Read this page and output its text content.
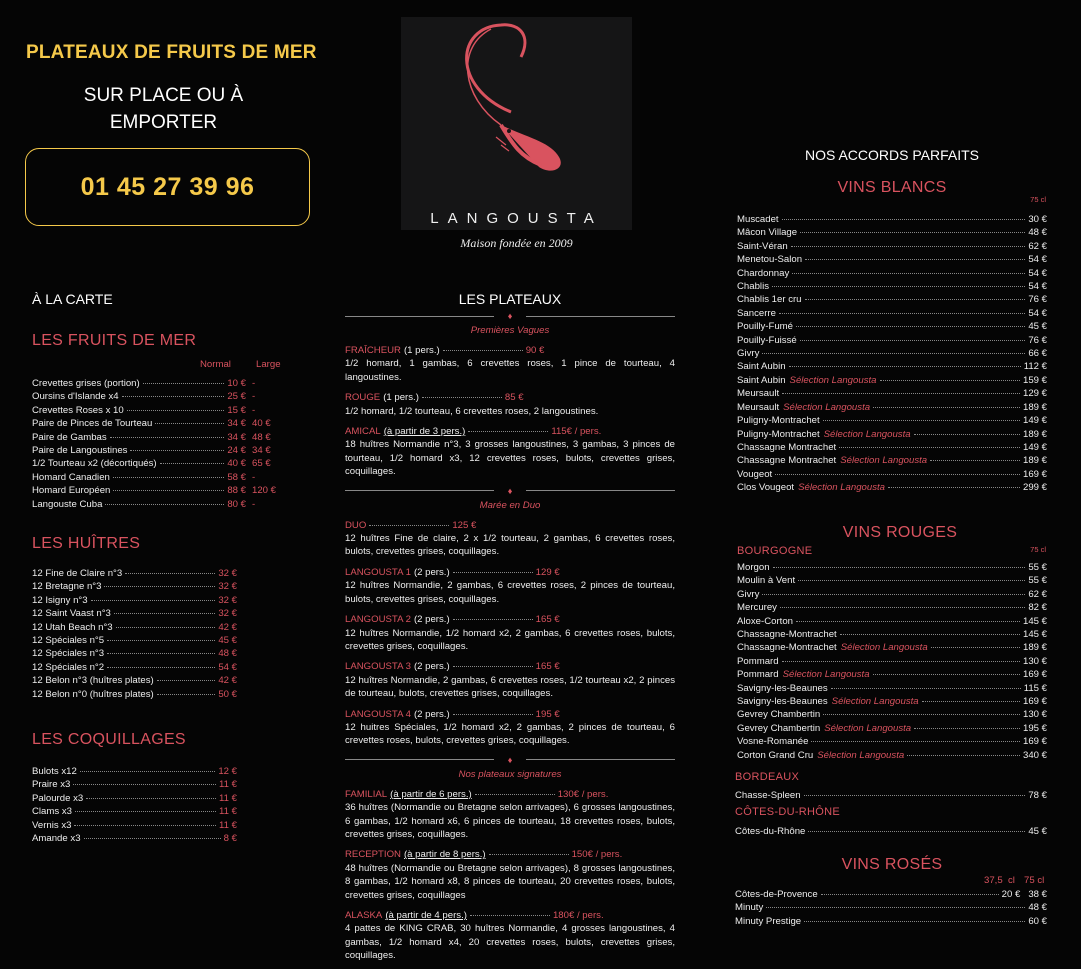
PLATEAUX DE FRUITS DE MER
SUR PLACE OU À
EMPORTER
01 45 27 39 96
LANGOUSTA
Maison fondée en 2009
À LA CARTE
LES FRUITS DE MER
Normal	Large
Crevettes grises (portion)	10 € -
Oursins d'Islande x4	25 € -
Crevettes Roses x 10	15 € -
Paire de Pinces de Tourteau	34 € 40 €
Paire de Gambas	34 € 48 €
Paire de Langoustines	24 € 34 €
1/2 Tourteau x2 (décortiqués)	40 € 65 €
Homard Canadien	58 € -
Homard Européen	88 € 120 €
Langouste Cuba	80 € -
LES HUÎTRES
12 Fine de Claire n°3	32 €
12 Bretagne n°3	32 €
12 Isigny n°3	32 €
12 Saint Vaast n°3	32 €
12 Utah Beach n°3	42 €
12 Spéciales n°5	45 €
12 Spéciales n°3	48 €
12 Spéciales n°2	54 €
12 Belon n°3 (huîtres plates)	42 €
12 Belon n°0 (huîtres plates)	50 €
LES COQUILLAGES
Bulots x12	12 €
Praire x3	11 €
Palourde x3	11 €
Clams x3	11 €
Vernis x3	11 €
Amande x3	8 €
LES PLATEAUX
♦
Premières Vagues
FRAÎCHEUR (1 pers.)	90 €
1/2 homard, 1 gambas, 6 crevettes roses, 1 pince de tourteau, 4 langoustines.
ROUGE (1 pers.)	85 €
1/2 homard, 1/2 tourteau, 6 crevettes roses, 2 langoustines.
AMICAL (à partir de 3 pers.)	115€ / pers.
18 huîtres Normandie n°3, 3 grosses langoustines, 3 gambas, 3 pinces de tourteau, 1/2 homard x3, 12 crevettes roses, bulots, crevettes grises, coquillages.
♦
Marée en Duo
DUO	125 €
12 huîtres Fine de claire, 2 x 1/2 tourteau, 2 gambas, 6 crevettes roses, bulots, crevettes grises, coquillages.
LANGOUSTA 1 (2 pers.)	129 €
12 huîtres Normandie, 2 gambas, 6 crevettes roses, 2 pinces de tourteau, bulots, crevettes grises, coquillages.
LANGOUSTA 2 (2 pers.)	165 €
12 huîtres Normandie, 1/2 homard x2, 2 gambas, 6 crevettes roses, bulots, crevettes grises, coquillages.
LANGOUSTA 3 (2 pers.)	165 €
12 huîtres Normandie, 2 gambas, 6 crevettes roses, 1/2 tourteau x2, 2 pinces de tourteau, bulots, crevettes grises, coquillages.
LANGOUSTA 4 (2 pers.)	195 €
12 huitres Spéciales, 1/2 homard x2, 2 gambas, 2 pinces de tourteau, 6 crevettes roses, bulots, crevettes grises, coquillages.
♦
Nos plateaux signatures
FAMILIAL (à partir de 6 pers.)	130€ / pers.
36 huîtres (Normandie ou Bretagne selon arrivages), 6 grosses langoustines, 6 gambas, 1/2 homard x6, 6 pinces de tourteau, 18 crevettes roses, bulots, crevettes grises, coquillages.
RECEPTION (à partir de 8 pers.)	150€ / pers.
48 huîtres (Normandie ou Bretagne selon arrivages), 8 grosses langoustines, 8 gambas, 1/2 homard x8, 8 pinces de tourteau, 20 crevettes roses, bulots, crevettes grises, coquillages
ALASKA (à partir de 4 pers.)	180€ / pers.
4 pattes de KING CRAB, 30 huîtres Normandie, 4 grosses langoustines, 4 gambas, 1/2 homard x4, 20 crevettes roses, bulots, crevettes grises, coquillages.
NOS ACCORDS PARFAITS
VINS BLANCS
75 cl
Muscadet	30 €
Mâcon Village	48 €
Saint-Véran	62 €
Menetou-Salon	54 €
Chardonnay	54 €
Chablis	54 €
Chablis 1er cru	76 €
Sancerre	54 €
Pouilly-Fumé	45 €
Pouilly-Fuissé	76 €
Givry	66 €
Saint Aubin	112 €
Saint Aubin Sélection Langousta	159 €
Meursault	129 €
Meursault Sélection Langousta	189 €
Puligny-Montrachet	149 €
Puligny-Montrachet Sélection Langousta	189 €
Chassagne Montrachet	149 €
Chassagne Montrachet Sélection Langousta	189 €
Vougeot	169 €
Clos Vougeot Sélection Langousta	299 €
VINS ROUGES
75 cl
BOURGOGNE
Morgon	55 €
Moulin à Vent	55 €
Givry	62 €
Mercurey	82 €
Aloxe-Corton	145 €
Chassagne-Montrachet	145 €
Chassagne-Montrachet Sélection Langousta	189 €
Pommard	130 €
Pommard Sélection Langousta	169 €
Savigny-les-Beaunes	115 €
Savigny-les-Beaunes Sélection Langousta	169 €
Gevrey Chambertin	130 €
Gevrey Chambertin Sélection Langousta	195 €
Vosne-Romanée	169 €
Corton Grand Cru Sélection Langousta	340 €
BORDEAUX
Chasse-Spleen	78 €
CÔTES-DU-RHÔNE
Côtes-du-Rhône	45 €
VINS ROSÉS
37,5  cl 75 cl
Côtes-de-Provence	20 € 38 €
Minuty	48 €
Minuty Prestige	60 €
